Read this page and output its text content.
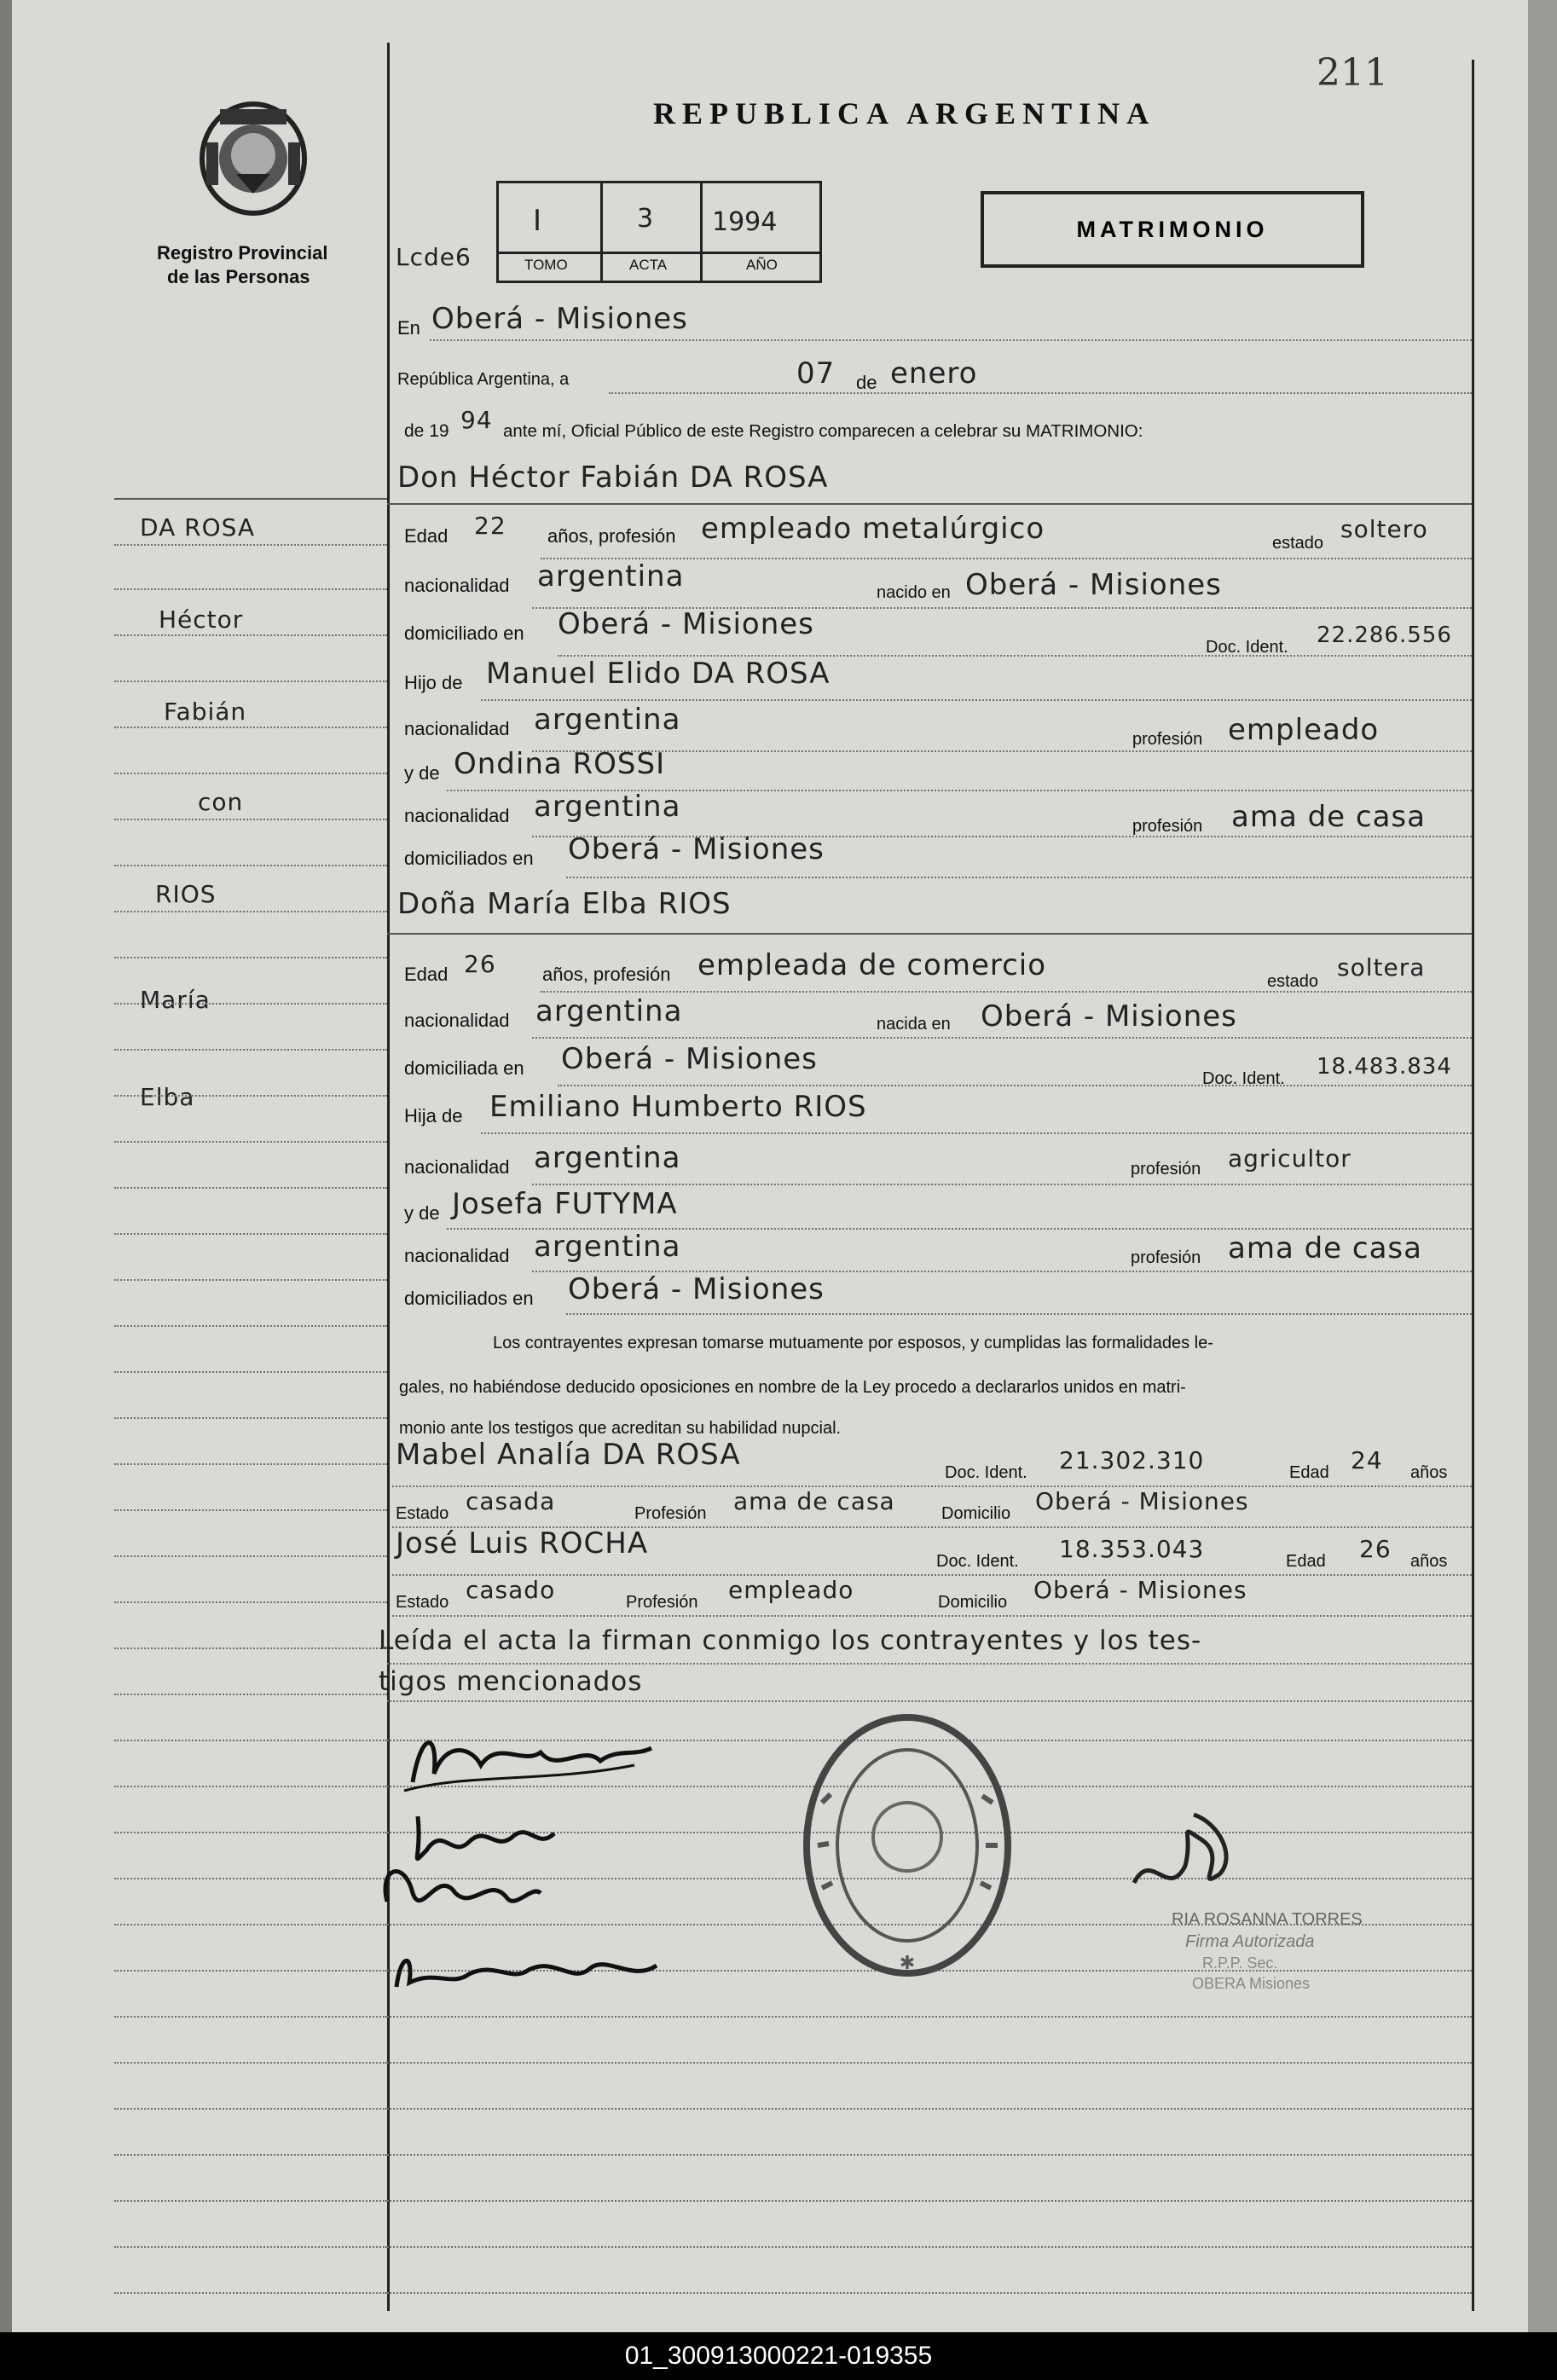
211
Registro Provincial
de las Personas
REPUBLICA ARGENTINA
Lcde6
I	3 1994
TOMO	ACTA	AÑO
MATRIMONIO
En Oberá - Misiones
República Argentina, a	07 de enero
de 19 94 ante mí, Oficial Público de este Registro comparecen a celebrar su MATRIMONIO:
Don Héctor Fabián DA ROSA
Edad 22 años, profesión empleado metalúrgico	estado soltero
nacionalidad argentina	nacido en Oberá - Misiones
domiciliado en Oberá - Misiones
Doc. Ident. 22.286.556
Hijo de Manuel Elido DA ROSA
nacionalidad argentina
profesión empleado
y de Ondina ROSSI
nacionalidad argentina
profesión ama de casa
domiciliados en Oberá - Misiones
Doña María Elba RIOS
Edad 26 años, profesión empleada de comercio	estado soltera
nacionalidad argentina	nacida en Oberá - Misiones
domiciliada en Oberá - Misiones
Doc. Ident. 18.483.834
Hija de Emiliano Humberto RIOS
nacionalidad argentina	profesión agricultor
y de Josefa FUTYMA
nacionalidad argentina	profesión ama de casa
domiciliados en Oberá - Misiones
Los contrayentes expresan tomarse mutuamente por esposos, y cumplidas las formalidades le-
gales, no habiéndose deducido oposiciones en nombre de la Ley procedo a declararlos unidos en matri-
monio ante los testigos que acreditan su habilidad nupcial.
Mabel Analía DA ROSA
Doc. Ident. 21.302.310	Edad 24 años
Estado casada	Profesión ama de casa	Domicilio Oberá - Misiones
José Luis ROCHA
Doc. Ident. 18.353.043	Edad 26 años
Estado casado	Profesión empleado	Domicilio Oberá - Misiones
Leída el acta la firman conmigo los contrayentes y los tes-
tigos mencionados
DA ROSA
Héctor
Fabián
con
RIOS
María
Elba
✱
RIA ROSANNA TORRES
Firma Autorizada
R.P.P. Sec.
OBERA Misiones
01_300913000221-019355
